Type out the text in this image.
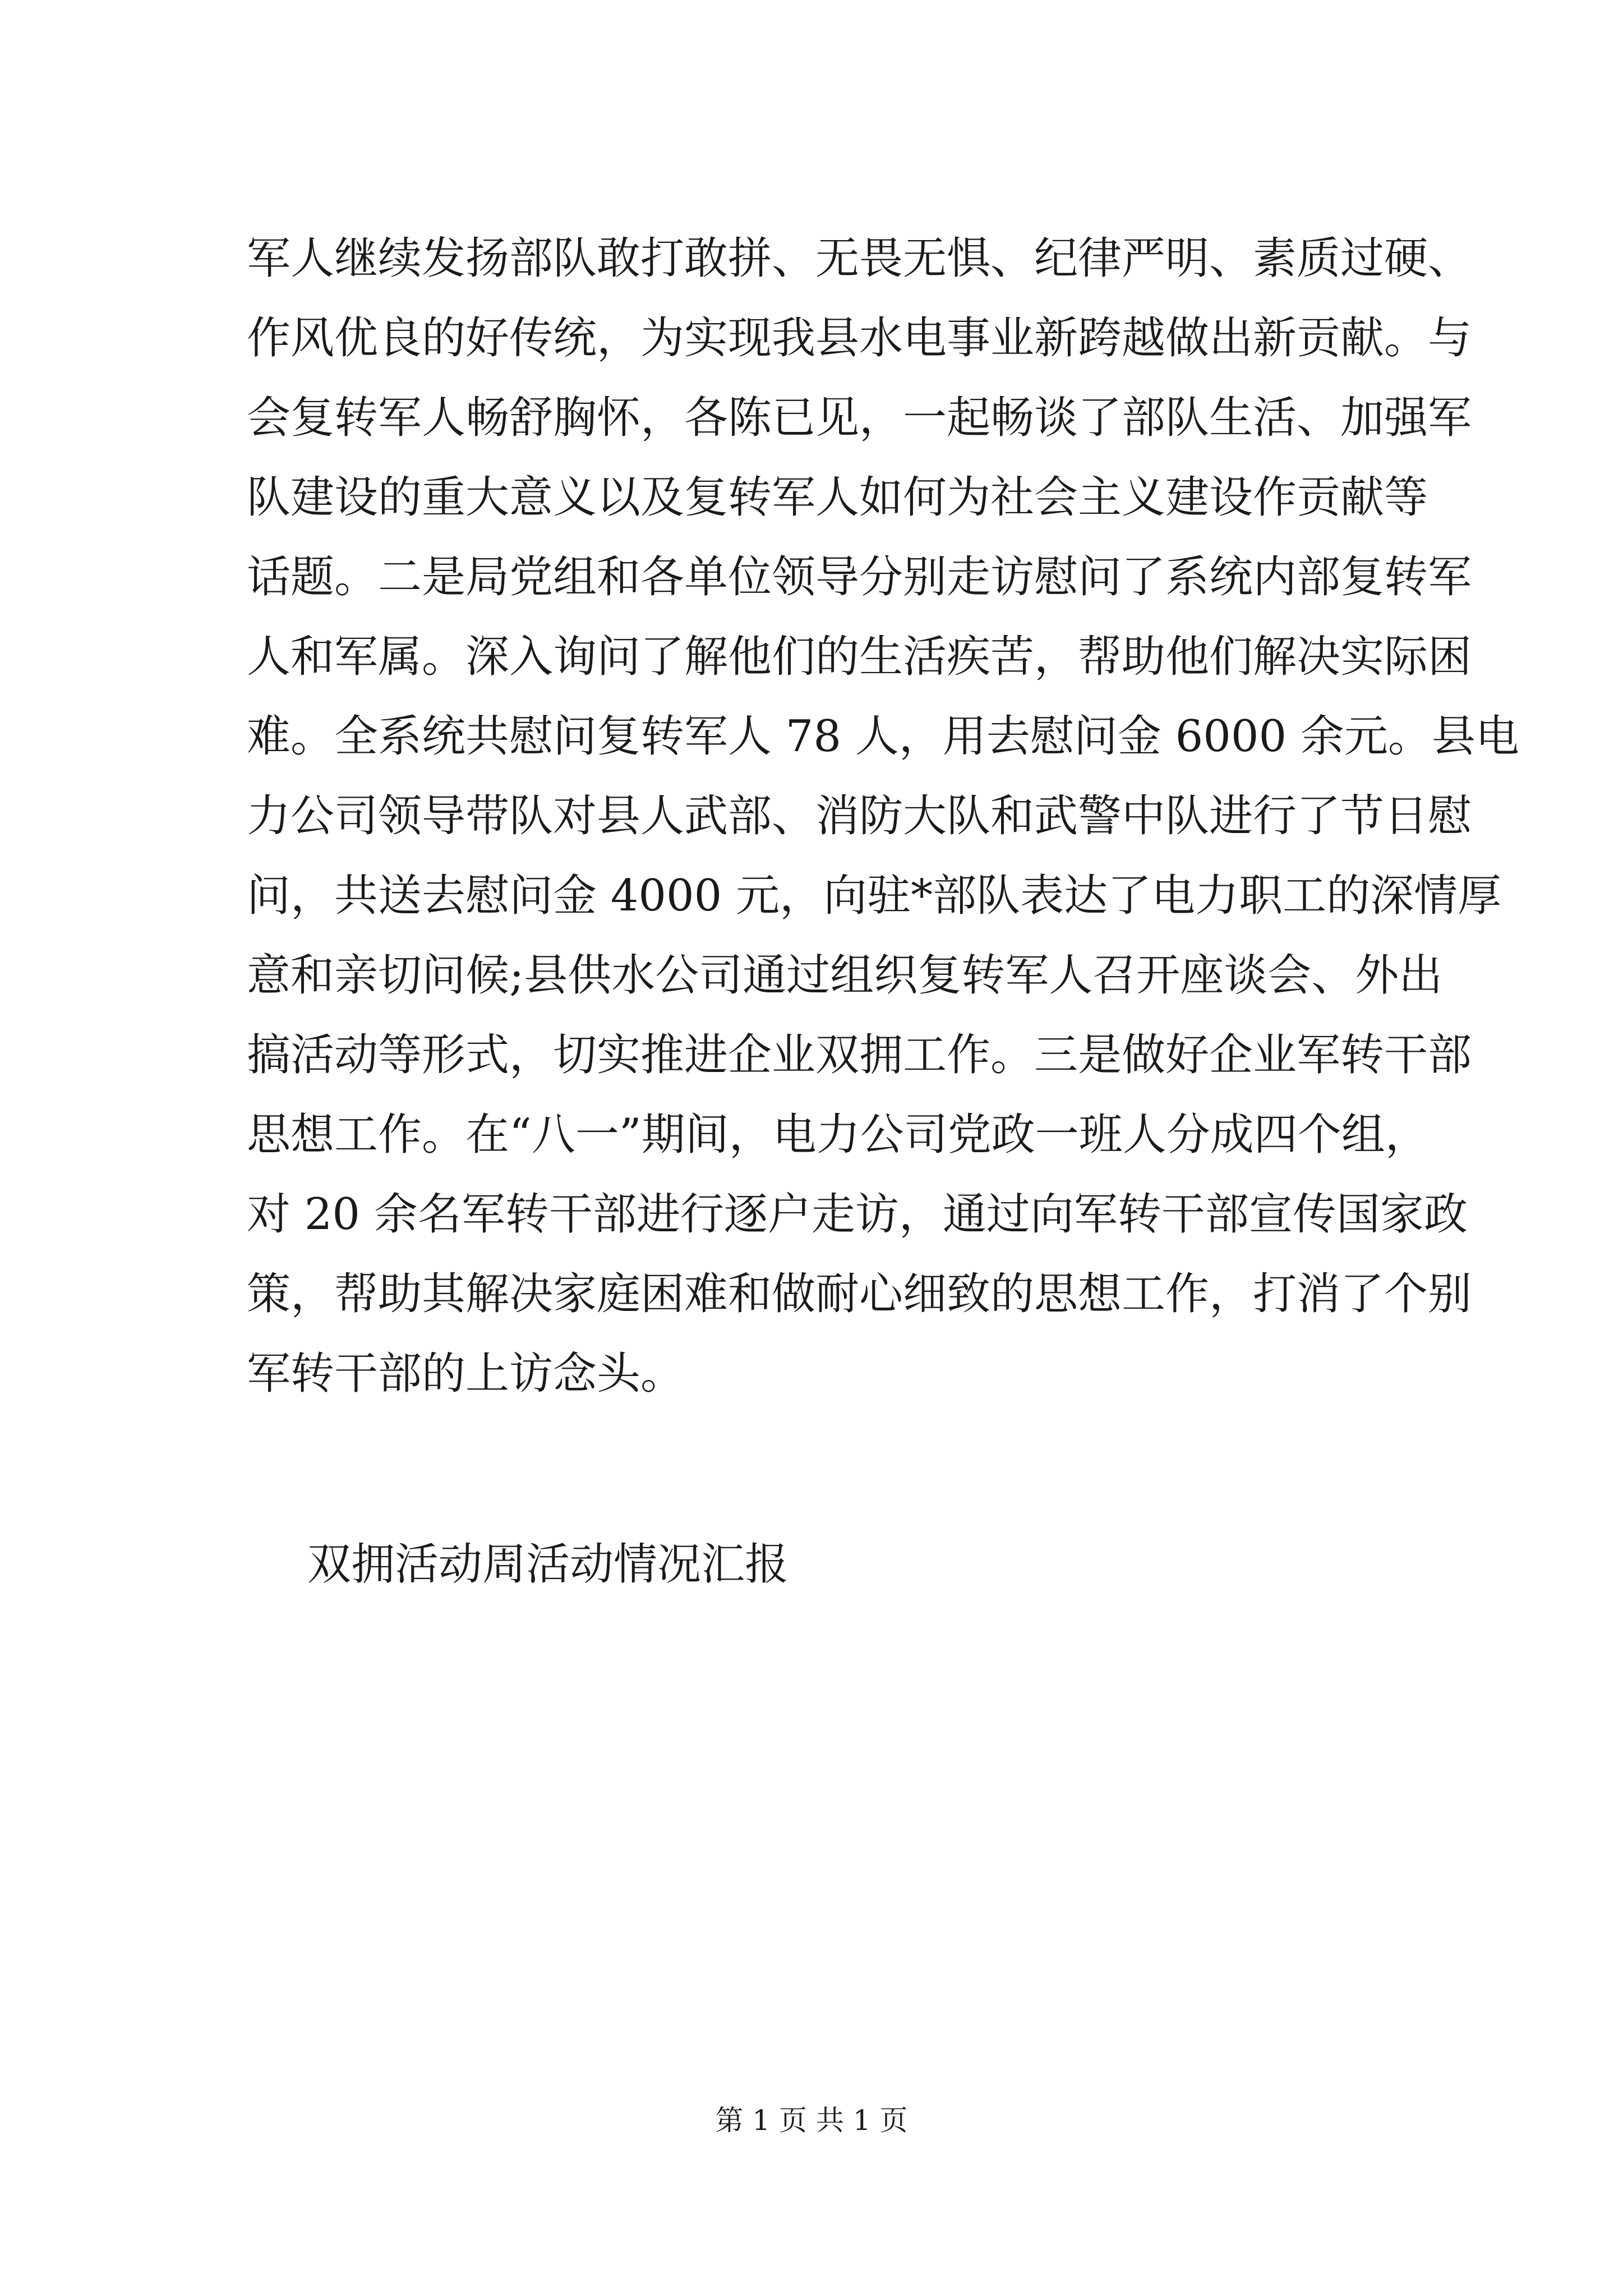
军人继续发扬部队敢打敢拼、无畏无惧、纪律严明、素质过硬、
作风优良的好传统，为实现我县水电事业新跨越做出新贡献。与
会复转军人畅舒胸怀，各陈已见，一起畅谈了部队生活、加强军
队建设的重大意义以及复转军人如何为社会主义建设作贡献等
话题。二是局党组和各单位领导分别走访慰问了系统内部复转军
人和军属。深入询问了解他们的生活疾苦，帮助他们解决实际困
难。全系统共慰问复转军人 78 人，用去慰问金 6000 余元。县电
力公司领导带队对县人武部、消防大队和武警中队进行了节日慰
问，共送去慰问金 4000 元，向驻*部队表达了电力职工的深情厚
意和亲切问候;县供水公司通过组织复转军人召开座谈会、外出
搞活动等形式，切实推进企业双拥工作。三是做好企业军转干部
思想工作。在“八一”期间，电力公司党政一班人分成四个组，
对 20 余名军转干部进行逐户走访，通过向军转干部宣传国家政
策，帮助其解决家庭困难和做耐心细致的思想工作，打消了个别
军转干部的上访念头。
双拥活动周活动情况汇报
第 1 页 共 1 页
